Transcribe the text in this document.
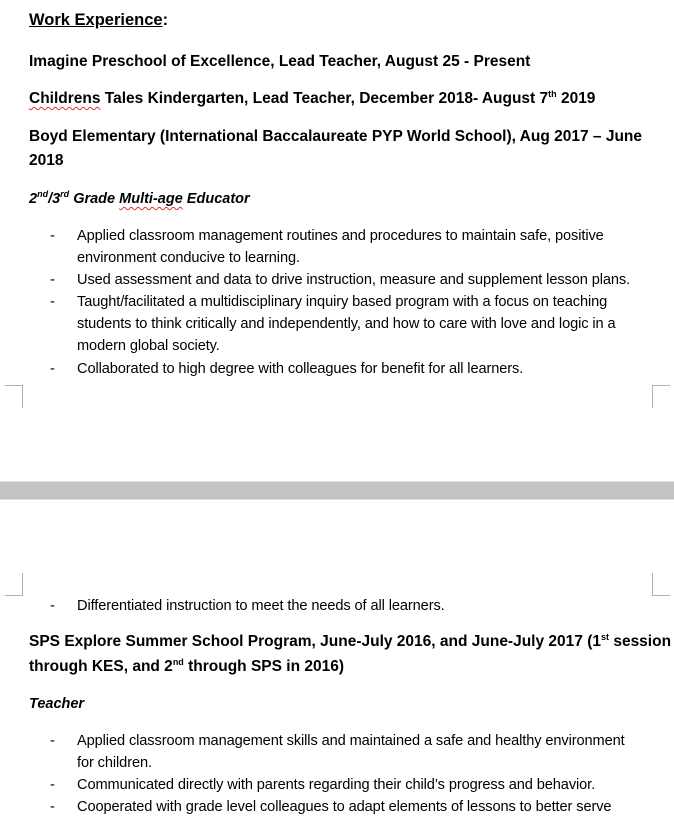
Work Experience:
Imagine Preschool of Excellence, Lead Teacher, August 25 - Present
Childrens Tales Kindergarten, Lead Teacher, December 2018- August 7th 2019
Boyd Elementary (International Baccalaureate PYP World School), Aug 2017 – June
2018
2nd/3rd Grade Multi-age Educator
- Applied classroom management routines and procedures to maintain safe, positive
environment conducive to learning.
- Used assessment and data to drive instruction, measure and supplement lesson plans.
- Taught/facilitated a multidisciplinary inquiry based program with a focus on teaching
students to think critically and independently, and how to care with love and logic in a
modern global society.
- Collaborated to high degree with colleagues for benefit for all learners.
- Differentiated instruction to meet the needs of all learners.
SPS Explore Summer School Program, June-July 2016, and June-July 2017 (1st session
through KES, and 2nd through SPS in 2016)
Teacher
- Applied classroom management skills and maintained a safe and healthy environment
for children.
- Communicated directly with parents regarding their child’s progress and behavior.
- Cooperated with grade level colleagues to adapt elements of lessons to better serve
